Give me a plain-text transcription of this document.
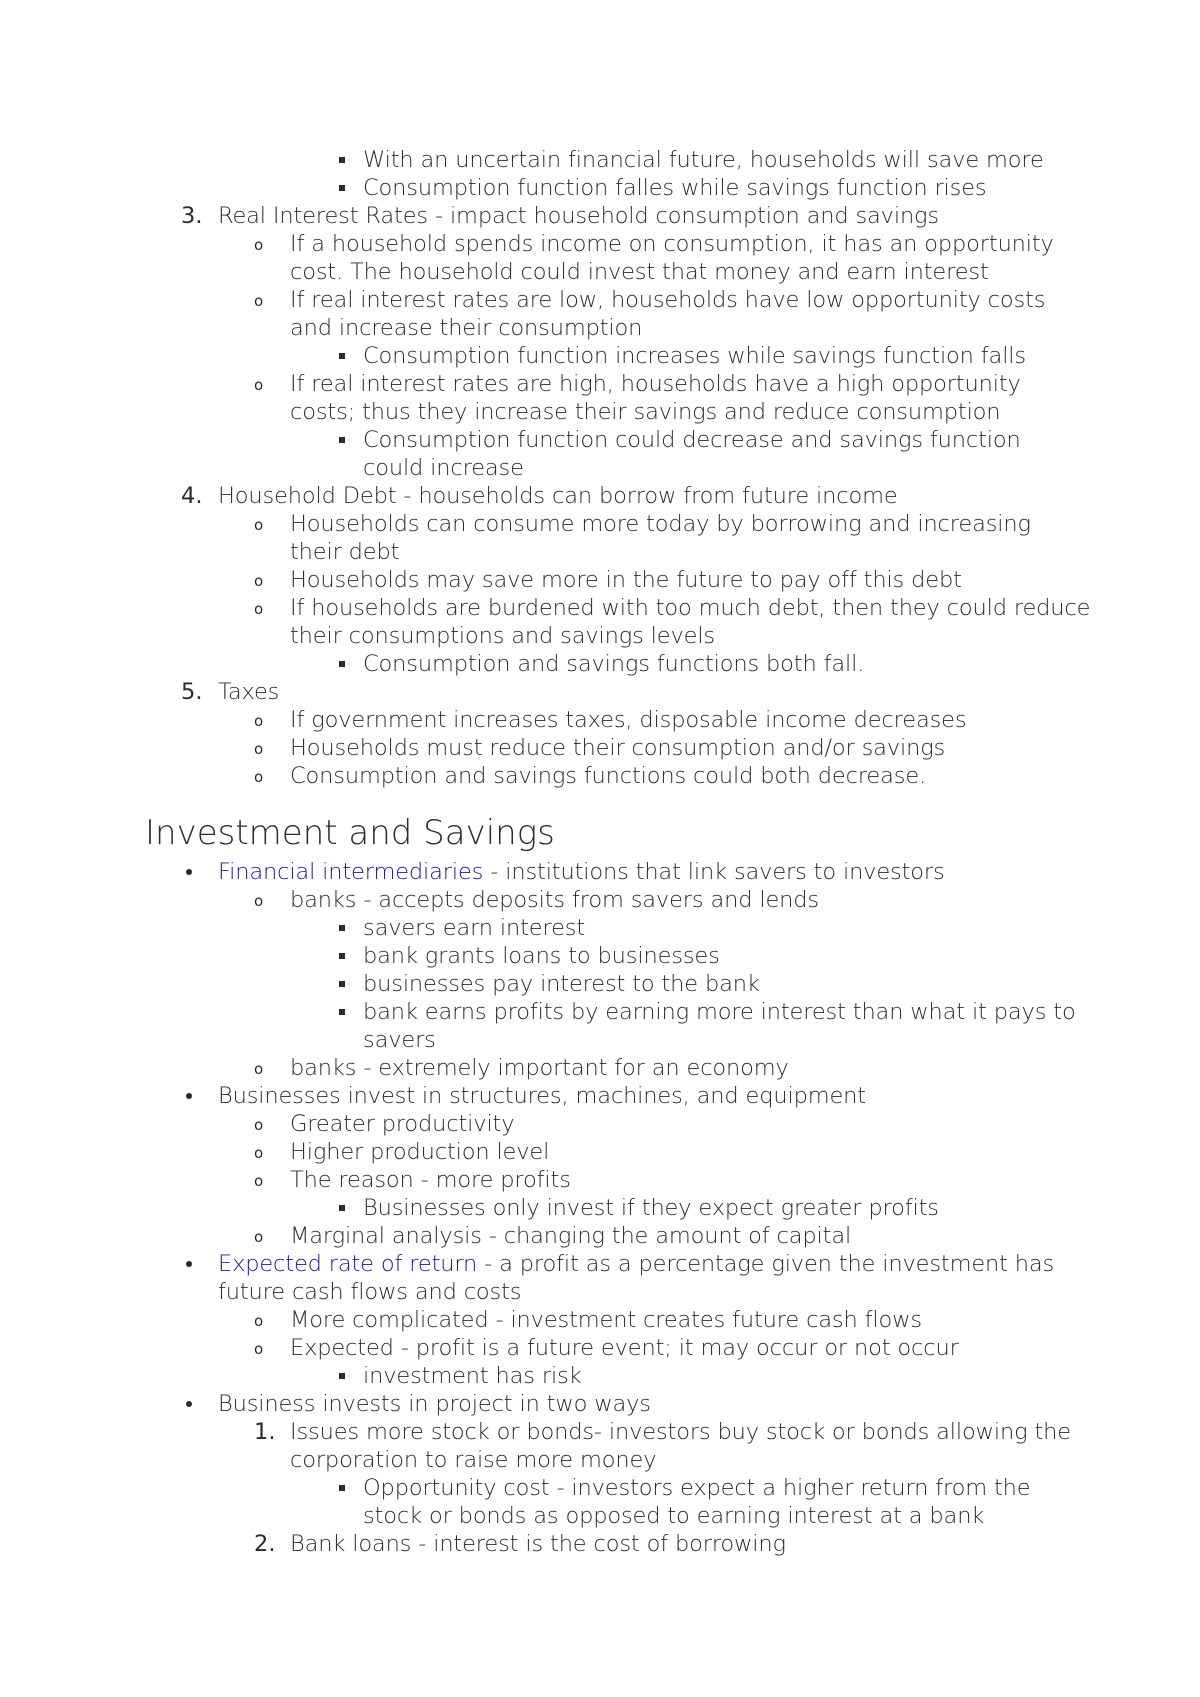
With an uncertain financial future, households will save more
Consumption function falles while savings function rises
3. Real Interest Rates - impact household consumption and savings
o If a household spends income on consumption, it has an opportunity
cost. The household could invest that money and earn interest
o If real interest rates are low, households have low opportunity costs
and increase their consumption
Consumption function increases while savings function falls
o If real interest rates are high, households have a high opportunity
costs; thus they increase their savings and reduce consumption
Consumption function could decrease and savings function
could increase
4. Household Debt - households can borrow from future income
o Households can consume more today by borrowing and increasing
their debt
o Households may save more in the future to pay off this debt
o If households are burdened with too much debt, then they could reduce
their consumptions and savings levels
Consumption and savings functions both fall.
5. Taxes
o If government increases taxes, disposable income decreases
o Households must reduce their consumption and/or savings
o Consumption and savings functions could both decrease.
Investment and Savings
Financial intermediaries - institutions that link savers to investors
o banks - accepts deposits from savers and lends
savers earn interest
bank grants loans to businesses
businesses pay interest to the bank
bank earns profits by earning more interest than what it pays to
savers
o banks - extremely important for an economy
Businesses invest in structures, machines, and equipment
o Greater productivity
o Higher production level
o The reason - more profits
Businesses only invest if they expect greater profits
o Marginal analysis - changing the amount of capital
Expected rate of return - a profit as a percentage given the investment has
future cash flows and costs
o More complicated - investment creates future cash flows
o Expected - profit is a future event; it may occur or not occur
investment has risk
Business invests in project in two ways
1. Issues more stock or bonds- investors buy stock or bonds allowing the
corporation to raise more money
Opportunity cost - investors expect a higher return from the
stock or bonds as opposed to earning interest at a bank
2. Bank loans - interest is the cost of borrowing
